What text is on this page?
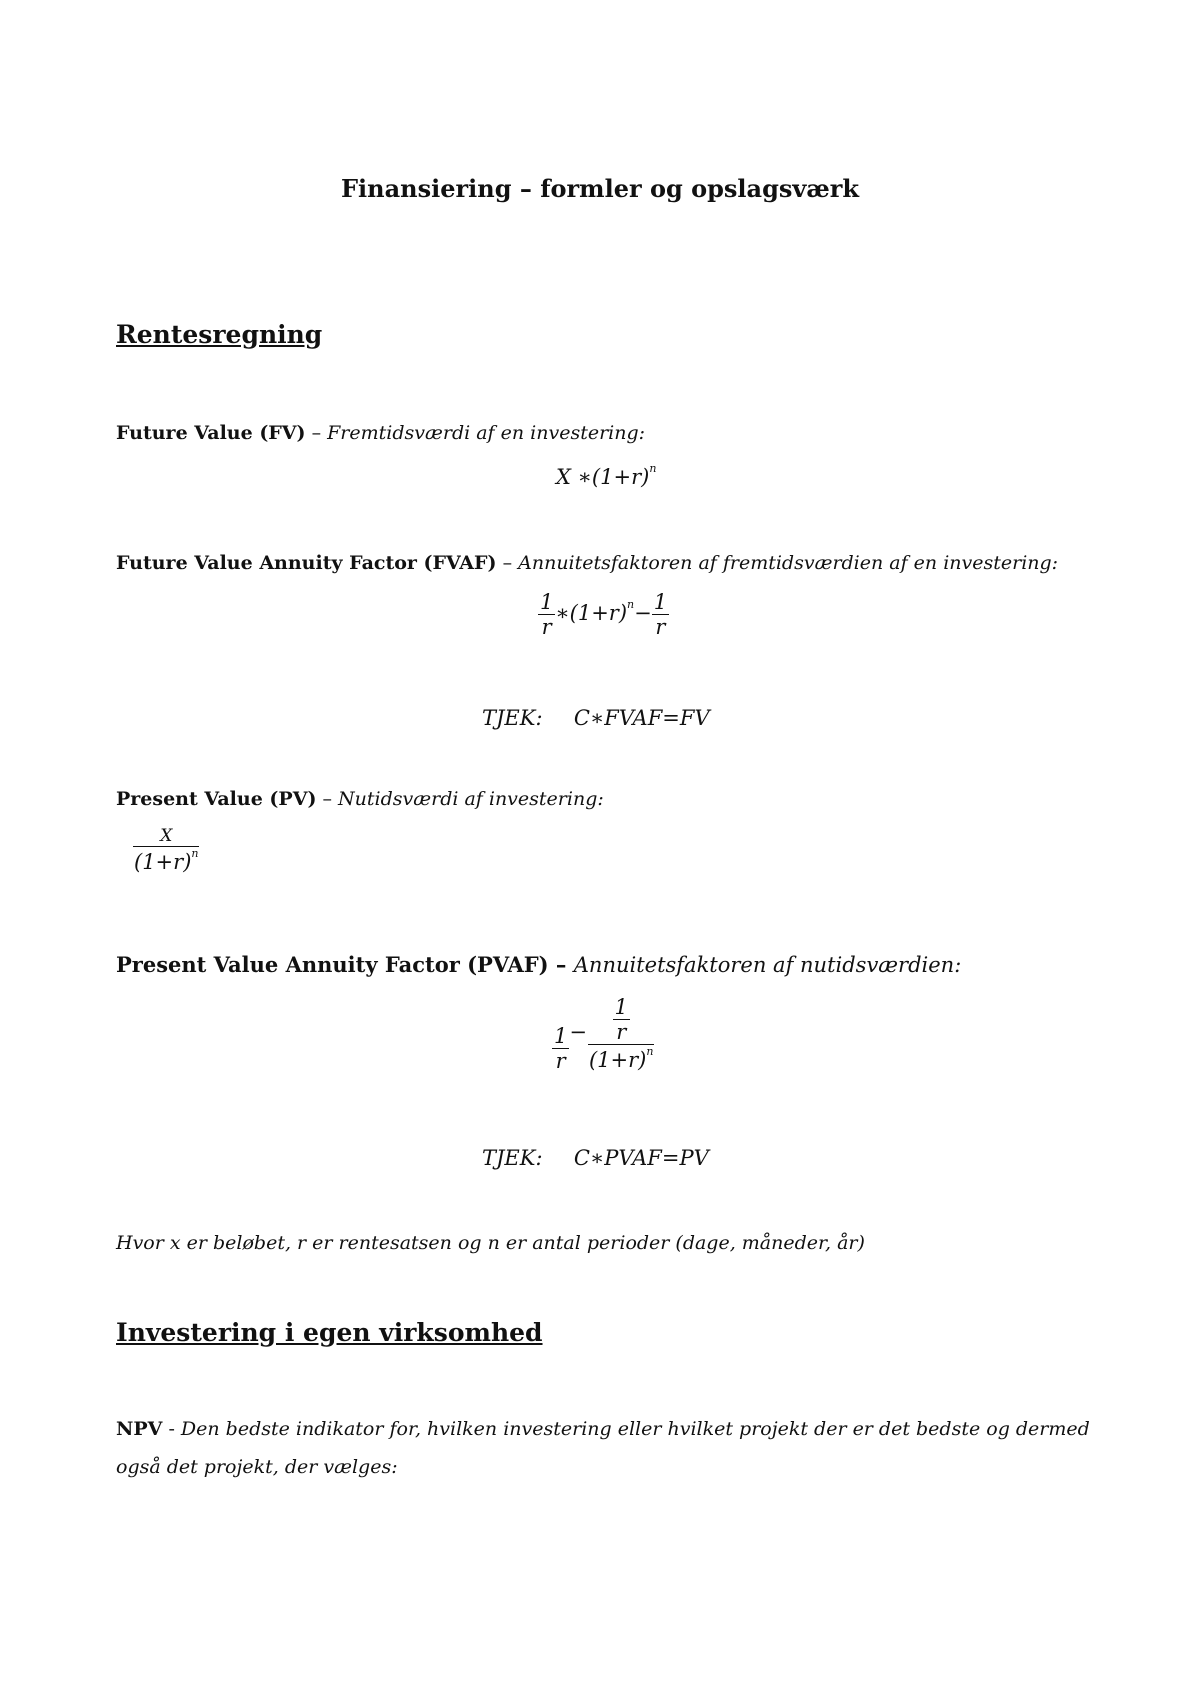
Finansiering – formler og opslagsværk
Rentesregning
Future Value (FV) – Fremtidsværdi af en investering:
X $∗(1+r)^n$
Future Value Annuity Factor (FVAF) – Annuitetsfaktoren af fremtidsværdien af en investering:
$\frac{1}{r}$ $∗(1+r)^n- \frac{1}{r}$
TJEK: C∗FVAF=FV
Present Value (PV) – Nutidsværdi af investering:
$\frac{X}{(1+r)^n}$
Present Value Annuity Factor (PVAF) – Annuitetsfaktoren af nutidsværdien:
$\frac{1}{r} - \frac{\frac{1}{r}}{(1+r)^n}$
TJEK: C∗PVAF=PV
Hvor x er beløbet, r er rentesatsen og n er antal perioder (dage, måneder, år)
Investering i egen virksomhed
NPV - Den bedste indikator for, hvilken investering eller hvilket projekt der er det bedste og dermed også det projekt, der vælges:
